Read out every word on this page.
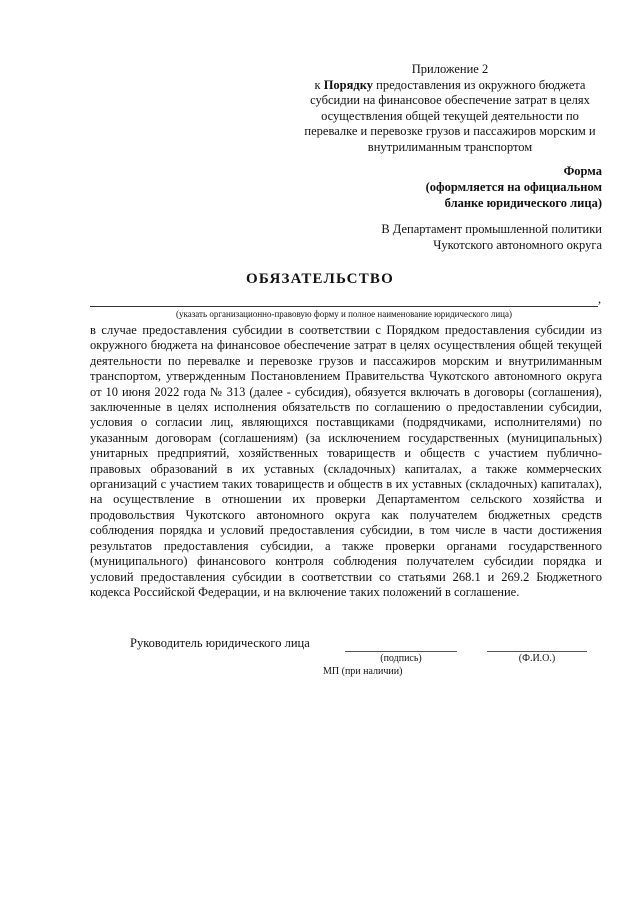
Приложение 2
к Порядку предоставления из окружного бюджета субсидии на финансовое обеспечение затрат в целях осуществления общей текущей деятельности по перевалке и перевозке грузов и пассажиров морским и внутрилиманным транспортом
Форма
(оформляется на официальном
бланке юридического лица)
В Департамент промышленной политики
Чукотского автономного округа
ОБЯЗАТЕЛЬСТВО
,
(указать организационно-правовую форму и полное наименование юридического лица)
в случае предоставления субсидии в соответствии с Порядком предоставления субсидии из окружного бюджета на финансовое обеспечение затрат в целях осуществления общей текущей деятельности по перевалке и перевозке грузов и пассажиров морским и внутрилиманным транспортом, утвержденным Постановлением Правительства Чукотского автономного округа от 10 июня 2022 года № 313 (далее - субсидия), обязуется включать в договоры (соглашения), заключенные в целях исполнения обязательств по соглашению о предоставлении субсидии, условия о согласии лиц, являющихся поставщиками (подрядчиками, исполнителями) по указанным договорам (соглашениям) (за исключением государственных (муниципальных) унитарных предприятий, хозяйственных товариществ и обществ с участием публично-правовых образований в их уставных (складочных) капиталах, а также коммерческих организаций с участием таких товариществ и обществ в их уставных (складочных) капиталах), на осуществление в отношении их проверки Департаментом сельского хозяйства и продовольствия Чукотского автономного округа как получателем бюджетных средств соблюдения порядка и условий предоставления субсидии, в том числе в части достижения результатов предоставления субсидии, а также проверки органами государственного (муниципального) финансового контроля соблюдения получателем субсидии порядка и условий предоставления субсидии в соответствии со статьями 268.1 и 269.2 Бюджетного кодекса Российской Федерации, и на включение таких положений в соглашение.
Руководитель юридического лица
(подпись)	(Ф.И.О.)
МП (при наличии)
